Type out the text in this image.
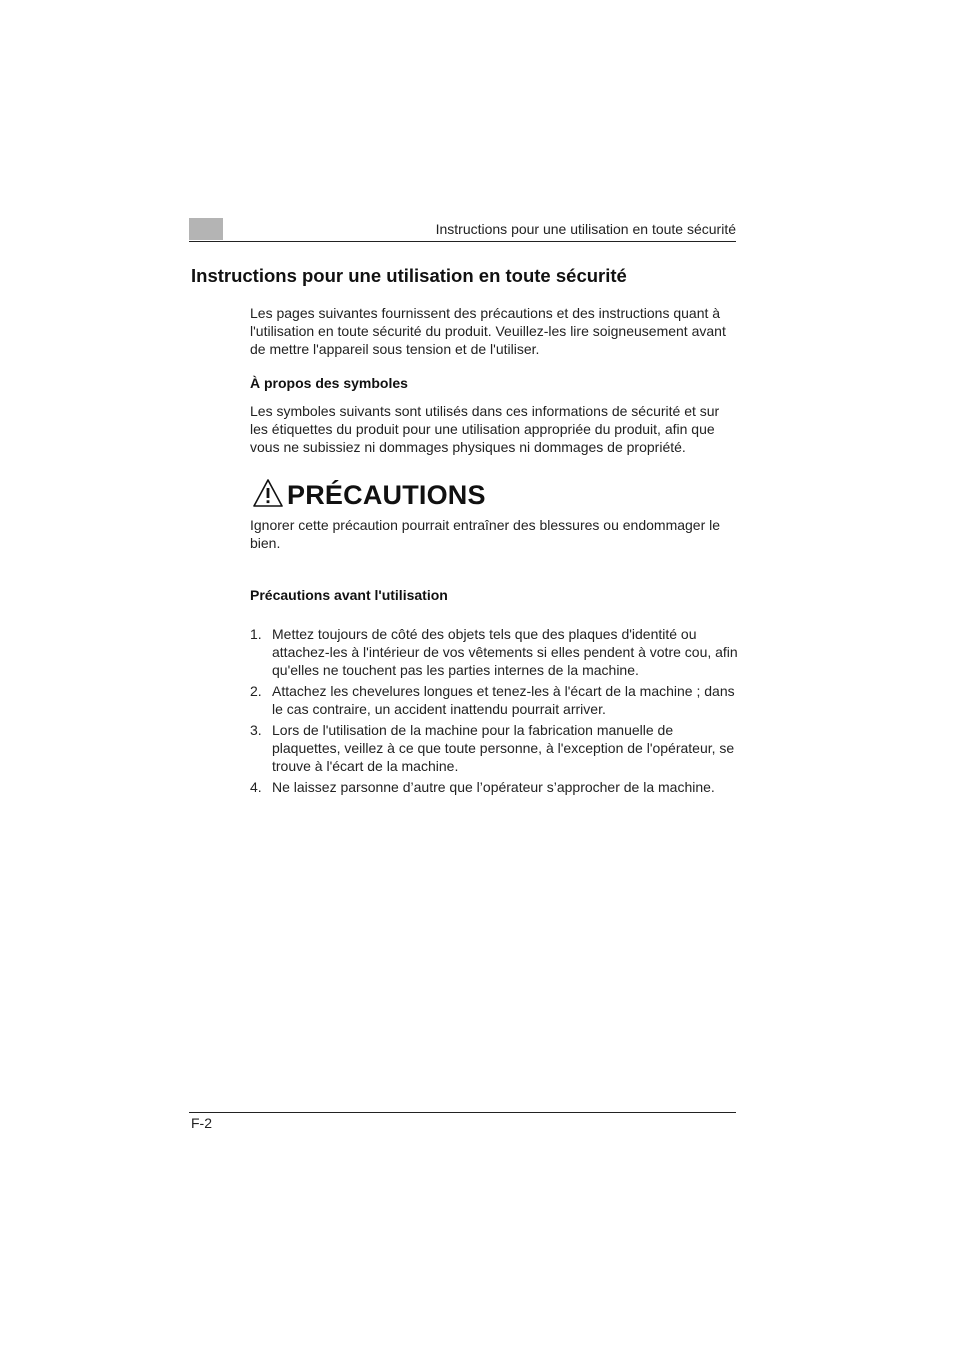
Instructions pour une utilisation en toute sécurité
Instructions pour une utilisation en toute sécurité

Les pages suivantes fournissent des précautions et des instructions quant à l'utilisation en toute sécurité du produit. Veuillez-les lire soigneusement avant de mettre l'appareil sous tension et de l'utiliser.

À propos des symboles

Les symboles suivants sont utilisés dans ces informations de sécurité et sur les étiquettes du produit pour une utilisation appropriée du produit, afin que vous ne subissiez ni dommages physiques ni dommages de propriété.

PRÉCAUTIONS

Ignorer cette précaution pourrait entraîner des blessures ou endommager le bien.

Précautions avant l'utilisation
1. Mettez toujours de côté des objets tels que des plaques d'identité ou attachez-les à l'intérieur de vos vêtements si elles pendent à votre cou, afin qu'elles ne touchent pas les parties internes de la machine.
2. Attachez les chevelures longues et tenez-les à l'écart de la machine ; dans le cas contraire, un accident inattendu pourrait arriver.
3. Lors de l'utilisation de la machine pour la fabrication manuelle de plaquettes, veillez à ce que toute personne, à l'exception de l'opérateur, se trouve à l'écart de la machine.
4. Ne laissez parsonne d’autre que l’opérateur s’approcher de la machine.
F-2
